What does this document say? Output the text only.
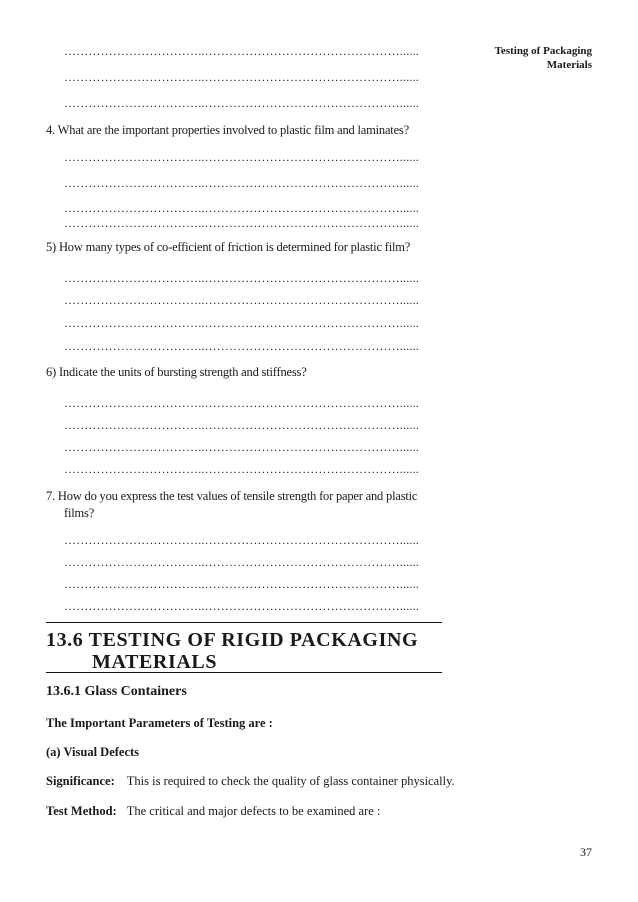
Testing of Packaging
Materials
……………………………..…………………………………………......
……………………………..…………………………………………......
……………………………..…………………………………………......
4. What are the important properties involved to plastic film and laminates?
……………………………..…………………………………………......
……………………………..…………………………………………......
……………………………..…………………………………………......
……………………………..…………………………………………......
5) How many types of co-efficient of friction is determined for plastic film?
……………………………..…………………………………………......
……………………………..…………………………………………......
……………………………..…………………………………………......
……………………………..…………………………………………......
6) Indicate the units of bursting strength and stiffness?
……………………………..…………………………………………......
……………………………..…………………………………………......
……………………………..…………………………………………......
……………………………..…………………………………………......
7. How do you express the test values of tensile strength for paper and plastic
films?
……………………………..…………………………………………......
……………………………..…………………………………………......
……………………………..…………………………………………......
……………………………..…………………………………………......
13.6 TESTING OF RIGID PACKAGING
MATERIALS
13.6.1 Glass Containers
The Important Parameters of Testing are :
(a) Visual Defects
Significance: This is required to check the quality of glass container physically.
Test Method: The critical and major defects to be examined are :
37
